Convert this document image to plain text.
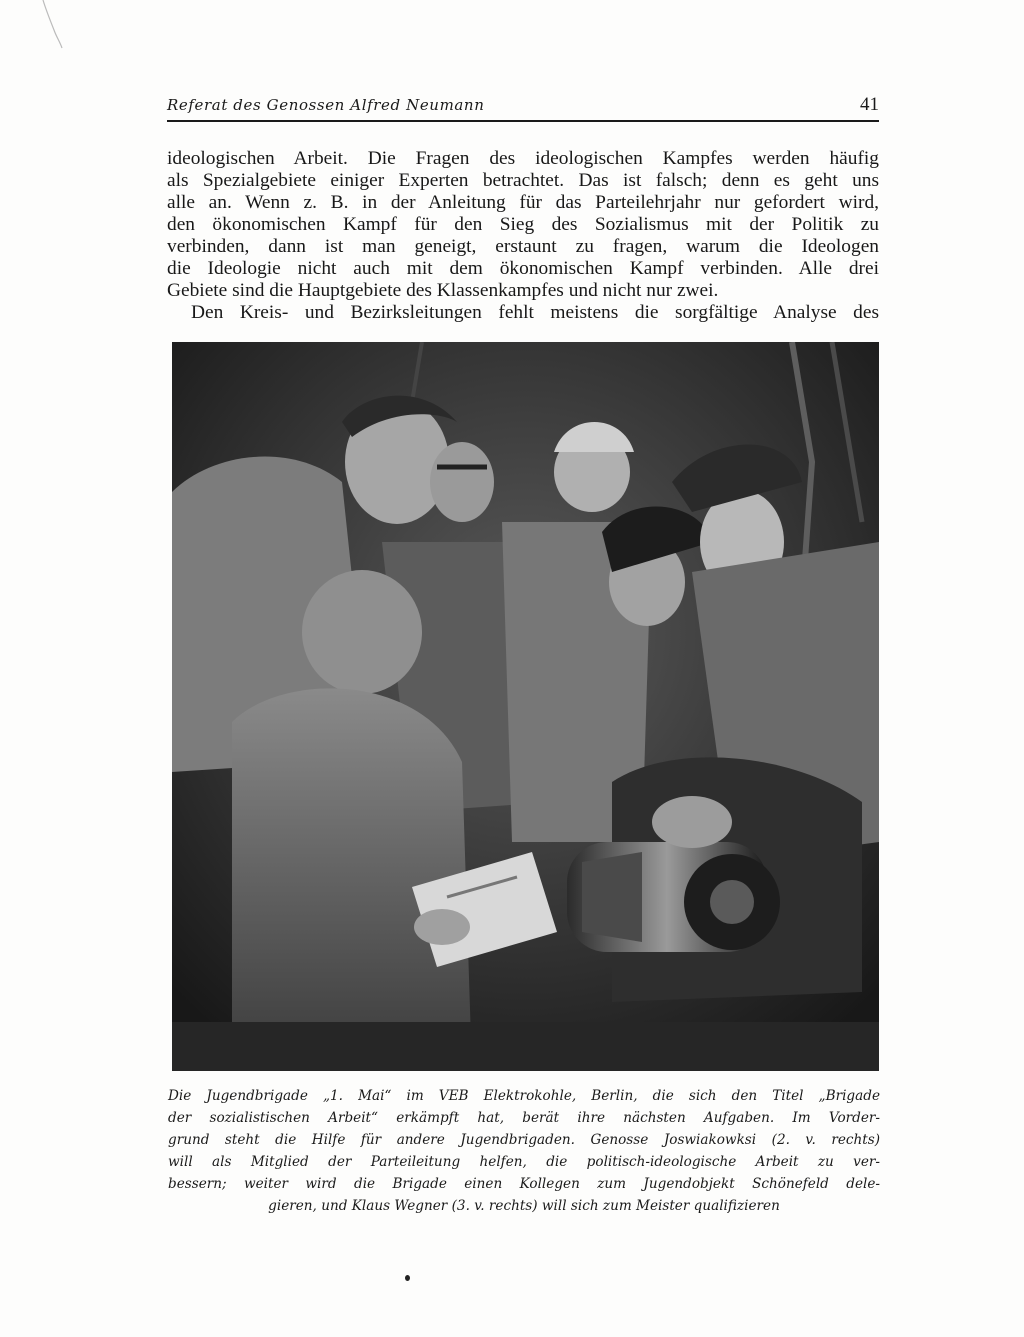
Referat des Genossen Alfred Neumann	41
ideologischen Arbeit. Die Fragen des ideologischen Kampfes werden häufig
als Spezialgebiete einiger Experten betrachtet. Das ist falsch; denn es geht uns
alle an. Wenn z. B. in der Anleitung für das Parteilehrjahr nur gefordert wird,
den ökonomischen Kampf für den Sieg des Sozialismus mit der Politik zu
verbinden, dann ist man geneigt, erstaunt zu fragen, warum die Ideologen
die Ideologie nicht auch mit dem ökonomischen Kampf verbinden. Alle drei
Gebiete sind die Hauptgebiete des Klassenkampfes und nicht nur zwei.
Den Kreis- und Bezirksleitungen fehlt meistens die sorgfältige Analyse des
Die Jugendbrigade „1. Mai“ im VEB Elektrokohle, Berlin, die sich den Titel „Brigade
der sozialistischen Arbeit“ erkämpft hat, berät ihre nächsten Aufgaben. Im Vorder-
grund steht die Hilfe für andere Jugendbrigaden. Genosse Joswiakowksi (2. v. rechts)
will als Mitglied der Parteileitung helfen, die politisch-ideologische Arbeit zu ver-
bessern; weiter wird die Brigade einen Kollegen zum Jugendobjekt Schönefeld dele-
gieren, und Klaus Wegner (3. v. rechts) will sich zum Meister qualifizieren
